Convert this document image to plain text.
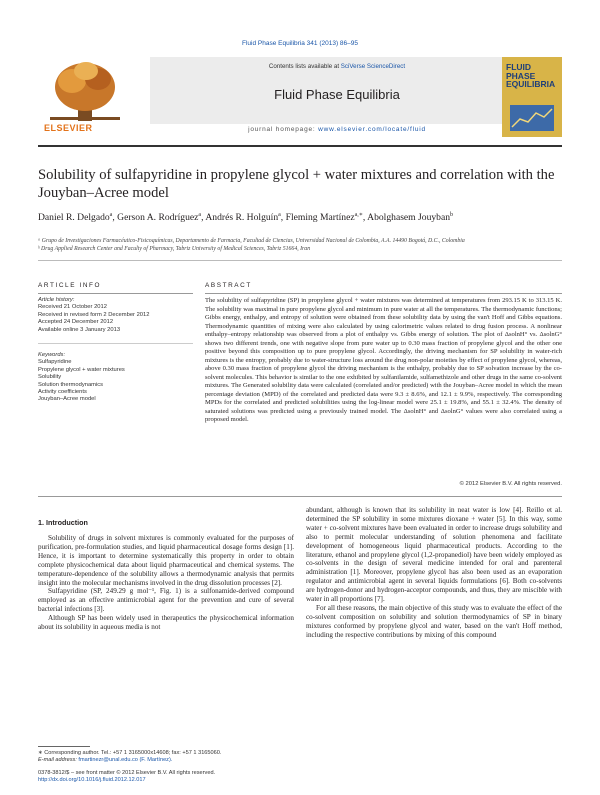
Fluid Phase Equilibria 341 (2013) 86–95
ELSEVIER
Contents lists available at SciVerse ScienceDirect
Fluid Phase Equilibria
journal homepage: www.elsevier.com/locate/fluid
FLUID PHASE EQUILIBRIA
Solubility of sulfapyridine in propylene glycol + water mixtures and correlation with the Jouyban–Acree model
Daniel R. Delgado$^a$, Gerson A. Rodríguez$^a$, Andrés R. Holguín$^a$, Fleming Martínez$^{a,∗}$, Abolghasem Jouyban$^b$
ᵃ Grupo de Investigaciones Farmacéutico-Fisicoquímicas, Departamento de Farmacia, Facultad de Ciencias, Universidad Nacional de Colombia, A.A. 14490 Bogotá, D.C., Colombia
ᵇ Drug Applied Research Center and Faculty of Pharmacy, Tabriz University of Medical Sciences, Tabriz 51664, Iran
ARTICLE INFO
Article history:
Received 21 October 2012
Received in revised form 2 December 2012
Accepted 24 December 2012
Available online 3 January 2013
Keywords:
Sulfapyridine
Propylene glycol + water mixtures
Solubility
Solution thermodynamics
Activity coefficients
Jouyban–Acree model
ABSTRACT
The solubility of sulfapyridine (SP) in propylene glycol + water mixtures was determined at temperatures from 293.15 K to 313.15 K. The solubility was maximal in pure propylene glycol and minimum in pure water at all the temperatures. The thermodynamic functions; Gibbs energy, enthalpy, and entropy of solution were obtained from these solubility data by using the van't Hoff and Gibbs equations. Thermodynamic quantities of mixing were also calculated by using calorimetric values related to drug fusion process. A nonlinear enthalpy–entropy relationship was observed from a plot of enthalpy vs. Gibbs energy of solution. The plot of ΔsolnH° vs. ΔsolnG° shows two different trends, one with negative slope from pure water up to 0.30 mass fraction of propylene glycol and the other one positive beyond this composition up to pure propylene glycol. Accordingly, the driving mechanism for SP solubility in water-rich mixtures is the entropy, probably due to water-structure loss around the drug non-polar moieties by effect of propylene glycol, whereas, above 0.30 mass fraction of propylene glycol the driving mechanism is the enthalpy, probably due to SP solvation increase by the co-solvent molecules. This behavior is similar to the one exhibited by sulfanilamide, sulfamethizole and other drugs in the same co-solvent mixtures. The Generated solubility data were calculated (correlated and/or predicted) with the Jouyban–Acree model in which the mean percentage deviation (MPD) of the correlated and predicted data were 9.3 ± 8.6%, and 12.1 ± 9.9%, respectively. The corresponding MPDs for the correlated and predicted solubilities using the log-linear model were 25.1 ± 19.8%, and 55.1 ± 32.4%. The density of saturated solutions was predicted using a previously trained model. The ΔsolnH° and ΔsolnG° values were also correlated using a proposed model.
© 2012 Elsevier B.V. All rights reserved.
1. Introduction

Solubility of drugs in solvent mixtures is commonly evaluated for the purposes of purification, pre-formulation studies, and liquid pharmaceutical dosage forms design [1]. Hence, it is important to determine systematically this property in order to obtain complete physicochemical data about liquid pharmaceutical and chemical systems. The temperature-dependence of the solubility allows a thermodynamic analysis that permits insight into the molecular mechanisms involved in the drug dissolution processes [2].

Sulfapyridine (SP, 249.29 g mol⁻¹, Fig. 1) is a sulfonamide-derived compound employed as an effective antimicrobial agent for the prevention and cure of several bacterial infections [3].

Although SP has been widely used in therapeutics the physicochemical information about its solubility in aqueous media is not

abundant, although is known that its solubility in neat water is low [4]. Reillo et al. determined the SP solubility in some mixtures dioxane + water [5]. In this way, some water + co-solvent mixtures have been evaluated in order to increase drugs solubility and also to permit molecular understanding of solution phenomena and facilitate development of homogeneous liquid pharmaceutical products. According to the literature, ethanol and propylene glycol (1,2-propanediol) have been widely employed as co-solvents in the design of several medicine intended for oral and parenteral administration [1]. Moreover, propylene glycol has also been used as an evaporation regulator and antimicrobial agent in several liquids formulations [6]. Both co-solvents are hydrogen-donor and hydrogen-acceptor compounds, and thus, they are miscible with water in all proportions [7].

For all these reasons, the main objective of this study was to evaluate the effect of the co-solvent composition on solubility and solution thermodynamics of SP in binary mixtures conformed by propylene glycol and water, based on the van't Hoff method, including the respective contributions by mixing of this compound

∗ Corresponding author. Tel.: +57 1 3165000x14608; fax: +57 1 3165060.
E-mail address: fmartinezr@unal.edu.co (F. Martínez).
0378-3812/$ – see front matter © 2012 Elsevier B.V. All rights reserved.
http://dx.doi.org/10.1016/j.fluid.2012.12.017
